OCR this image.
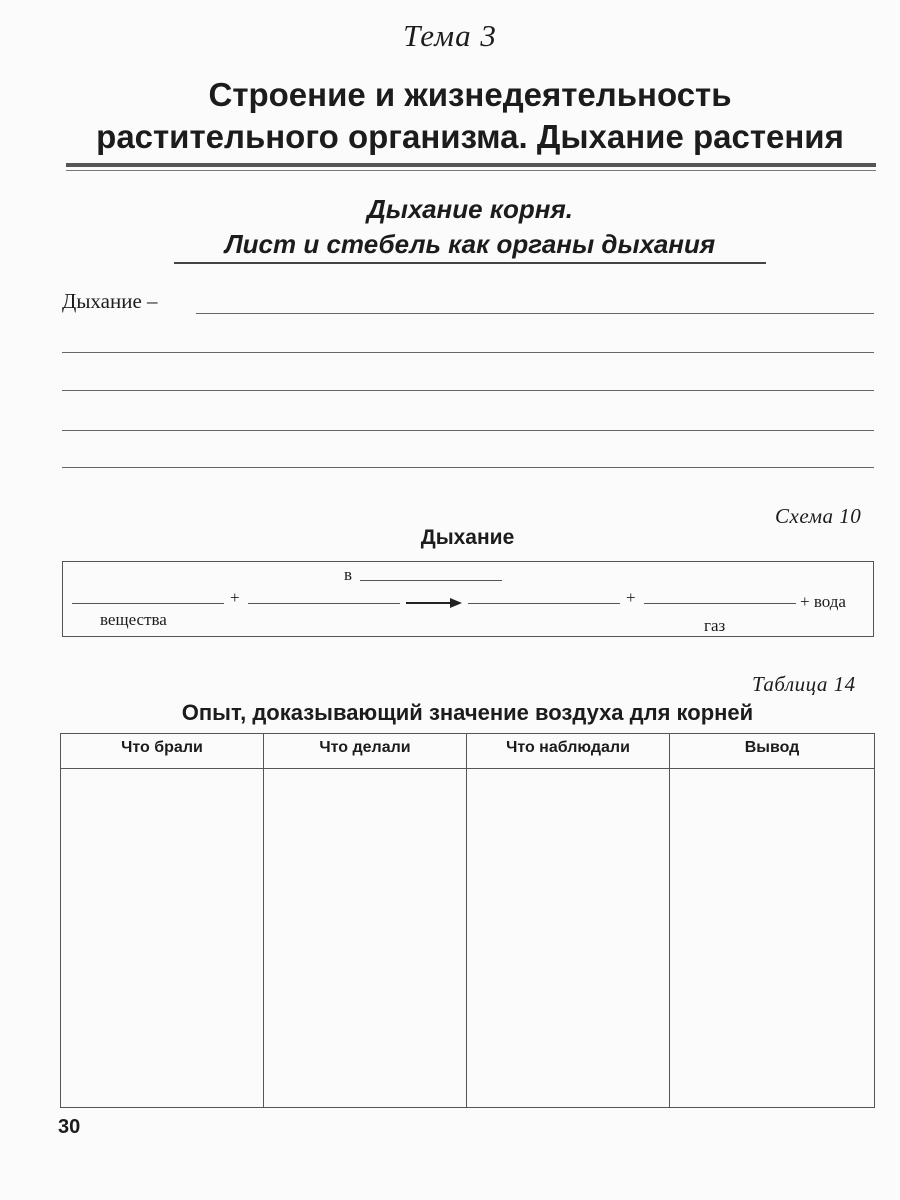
Тема 3
Строение и жизнедеятельность
растительного организма. Дыхание растения
Дыхание корня.
Лист и стебель как органы дыхания
Дыхание –
Схема 10
Дыхание
в
+	+	+ вода
вещества	газ
Таблица 14
Опыт, доказывающий значение воздуха для корней
Что брали	Что делали	Что наблюдали	Вывод
30
